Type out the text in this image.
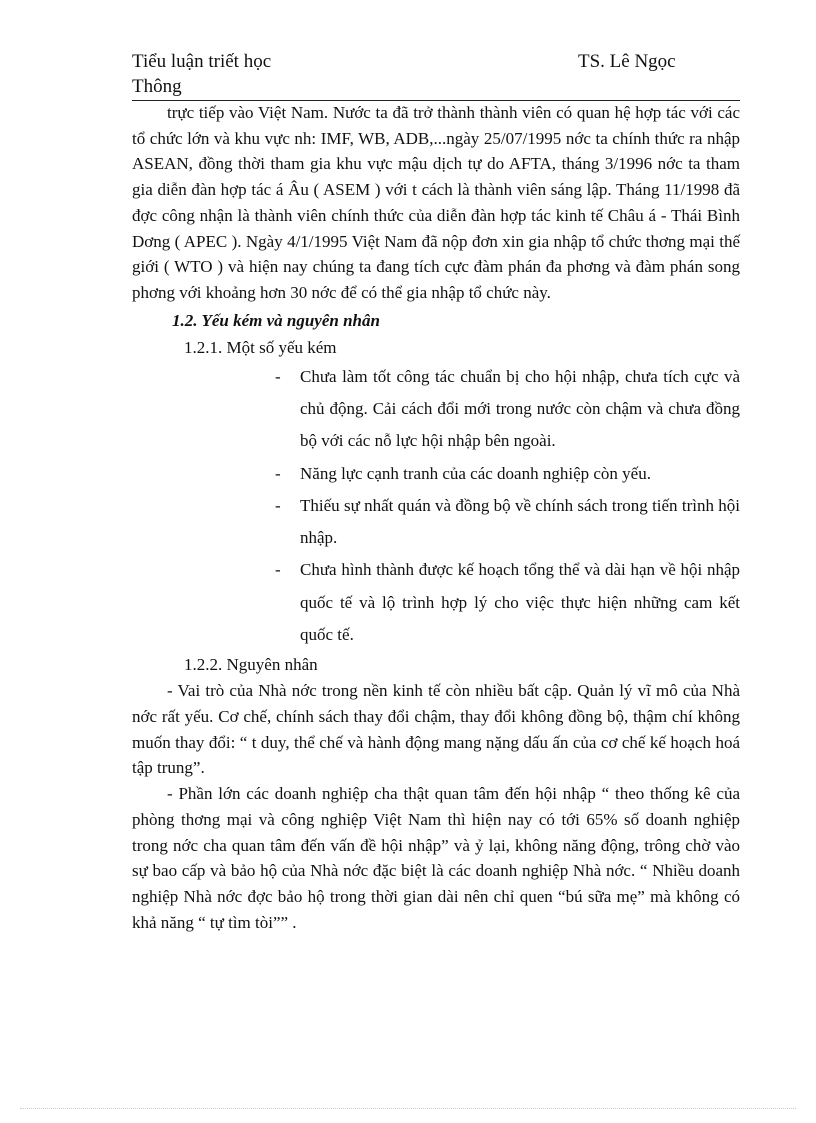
Tiểu luận triết học	TS. Lê Ngọc
Thông

trực tiếp vào Việt Nam. Nước ta đã trở thành thành viên có quan hệ hợp tác với các tổ chức lớn và khu vực nh: IMF, WB, ADB,...ngày 25/07/1995 nớc ta chính thức ra nhập ASEAN, đồng thời tham gia khu vực mậu dịch tự do AFTA, tháng 3/1996 nớc ta tham gia diễn đàn hợp tác á Âu ( ASEM ) với t cách là thành viên sáng lập. Tháng 11/1998 đã đợc công nhận là thành viên chính thức của diễn đàn hợp tác kinh tế Châu á - Thái Bình Dơng ( APEC ). Ngày 4/1/1995 Việt Nam đã nộp đơn xin gia nhập tổ chức thơng mại thế giới ( WTO ) và hiện nay chúng ta đang tích cực đàm phán đa phơng và đàm phán song phơng với khoảng hơn 30 nớc để có thể gia nhập tổ chức này.

1.2. Yếu kém và nguyên nhân
1.2.1. Một số yếu kém
- Chưa làm tốt công tác chuẩn bị cho hội nhập, chưa tích cực và chủ động. Cải cách đổi mới trong nước còn chậm và chưa đồng bộ với các nỗ lực hội nhập bên ngoài.
- Năng lực cạnh tranh của các doanh nghiệp còn yếu.
- Thiếu sự nhất quán và đồng bộ về chính sách trong tiến trình hội nhập.
- Chưa hình thành được kế hoạch tổng thể và dài hạn về hội nhập quốc tế và lộ trình hợp lý cho việc thực hiện những cam kết quốc tế.
1.2.2. Nguyên nhân

- Vai trò của Nhà nớc trong nền kinh tế còn nhiều bất cập. Quản lý vĩ mô của Nhà nớc rất yếu. Cơ chế, chính sách thay đổi chậm, thay đổi không đồng bộ, thậm chí không muốn thay đổi: “ t duy, thể chế và hành động mang nặng dấu ấn của cơ chế kế hoạch hoá tập trung”.

- Phần lớn các doanh nghiệp cha thật quan tâm đến hội nhập “ theo thống kê của phòng thơng mại và công nghiệp Việt Nam thì hiện nay có tới 65% số doanh nghiệp trong nớc cha quan tâm đến vấn đề hội nhập” và ỷ lại, không năng động, trông chờ vào sự bao cấp và bảo hộ của Nhà nớc đặc biệt là các doanh nghiệp Nhà nớc. “ Nhiều doanh nghiệp Nhà nớc đợc bảo hộ trong thời gian dài nên chỉ quen “bú sữa mẹ” mà không có khả năng “ tự tìm tòi”” .
